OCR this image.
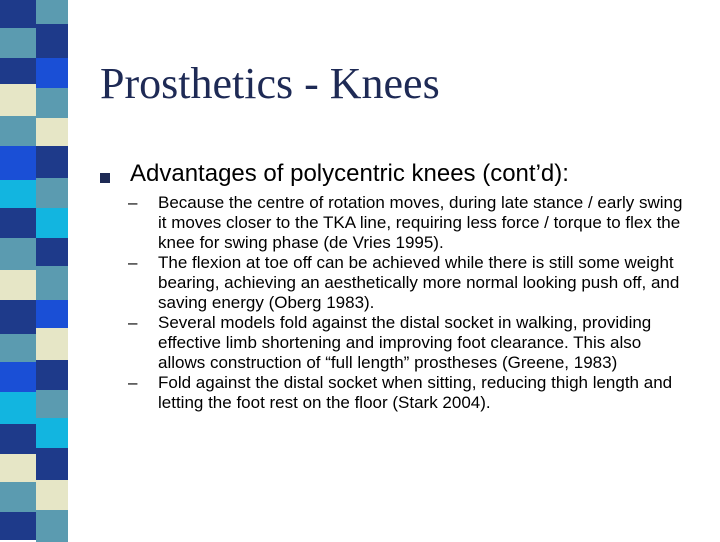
Prosthetics - Knees
Advantages of polycentric knees (cont’d):
–	Because the centre of rotation moves, during late stance / early swing it moves closer to the TKA line, requiring less force / torque to flex the knee for swing phase (de Vries 1995).
–	The flexion at toe off can be achieved while there is still some weight bearing, achieving an aesthetically more normal looking push off, and saving energy (Oberg 1983).
–	Several models fold against the distal socket in walking, providing effective limb shortening and improving foot clearance. This also allows construction of “full length” prostheses (Greene, 1983)
–	Fold against the distal socket when sitting, reducing thigh length and letting the foot rest on the floor (Stark 2004).
